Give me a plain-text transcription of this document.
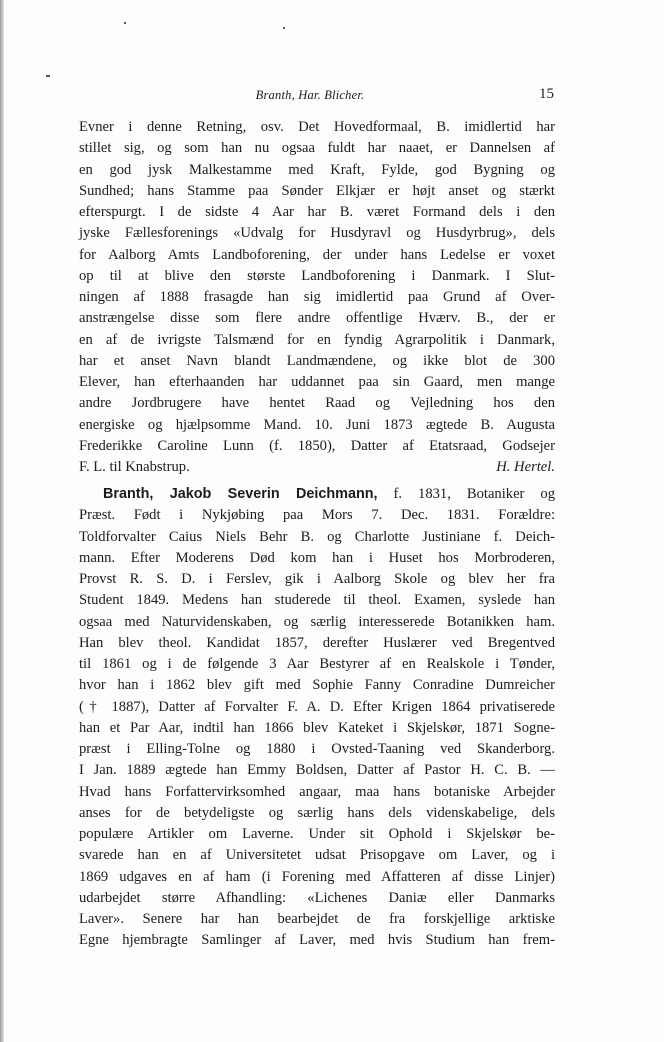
Branth, Har. Blicher.	15
Evner i denne Retning, osv. Det Hovedformaal, B. imidlertid har
stillet sig, og som han nu ogsaa fuldt har naaet, er Dannelsen af
en god jysk Malkestamme med Kraft, Fylde, god Bygning og
Sundhed; hans Stamme paa Sønder Elkjær er højt anset og stærkt
efterspurgt. I de sidste 4 Aar har B. været Formand dels i den
jyske Fællesforenings «Udvalg for Husdyravl og Husdyrbrug», dels
for Aalborg Amts Landboforening, der under hans Ledelse er voxet
op til at blive den største Landboforening i Danmark. I Slut-
ningen af 1888 frasagde han sig imidlertid paa Grund af Over-
anstrængelse disse som flere andre offentlige Hværv. B., der er
en af de ivrigste Talsmænd for en fyndig Agrarpolitik i Danmark,
har et anset Navn blandt Landmændene, og ikke blot de 300
Elever, han efterhaanden har uddannet paa sin Gaard, men mange
andre Jordbrugere have hentet Raad og Vejledning hos den
energiske og hjælpsomme Mand. 10. Juni 1873 ægtede B. Augusta
Frederikke Caroline Lunn (f. 1850), Datter af Etatsraad, Godsejer
F. L. til Knabstrup.	H. Hertel.
Branth, Jakob Severin Deichmann, f. 1831, Botaniker og
Præst. Født i Nykjøbing paa Mors 7. Dec. 1831. Forældre:
Toldforvalter Caius Niels Behr B. og Charlotte Justiniane f. Deich-
mann. Efter Moderens Død kom han i Huset hos Morbroderen,
Provst R. S. D. i Ferslev, gik i Aalborg Skole og blev her fra
Student 1849. Medens han studerede til theol. Examen, syslede han
ogsaa med Naturvidenskaben, og særlig interesserede Botanikken ham.
Han blev theol. Kandidat 1857, derefter Huslærer ved Bregentved
til 1861 og i de følgende 3 Aar Bestyrer af en Realskole i Tønder,
hvor han i 1862 blev gift med Sophie Fanny Conradine Dumreicher
(† 1887), Datter af Forvalter F. A. D. Efter Krigen 1864 privatiserede
han et Par Aar, indtil han 1866 blev Kateket i Skjelskør, 1871 Sogne-
præst i Elling-Tolne og 1880 i Ovsted-Taaning ved Skanderborg.
I Jan. 1889 ægtede han Emmy Boldsen, Datter af Pastor H. C. B. —
Hvad hans Forfattervirksomhed angaar, maa hans botaniske Arbejder
anses for de betydeligste og særlig hans dels videnskabelige, dels
populære Artikler om Laverne. Under sit Ophold i Skjelskør be-
svarede han en af Universitetet udsat Prisopgave om Laver, og i
1869 udgaves en af ham (i Forening med Affatteren af disse Linjer)
udarbejdet større Afhandling: «Lichenes Daniæ eller Danmarks
Laver». Senere har han bearbejdet de fra forskjellige arktiske
Egne hjembragte Samlinger af Laver, med hvis Studium han frem-
